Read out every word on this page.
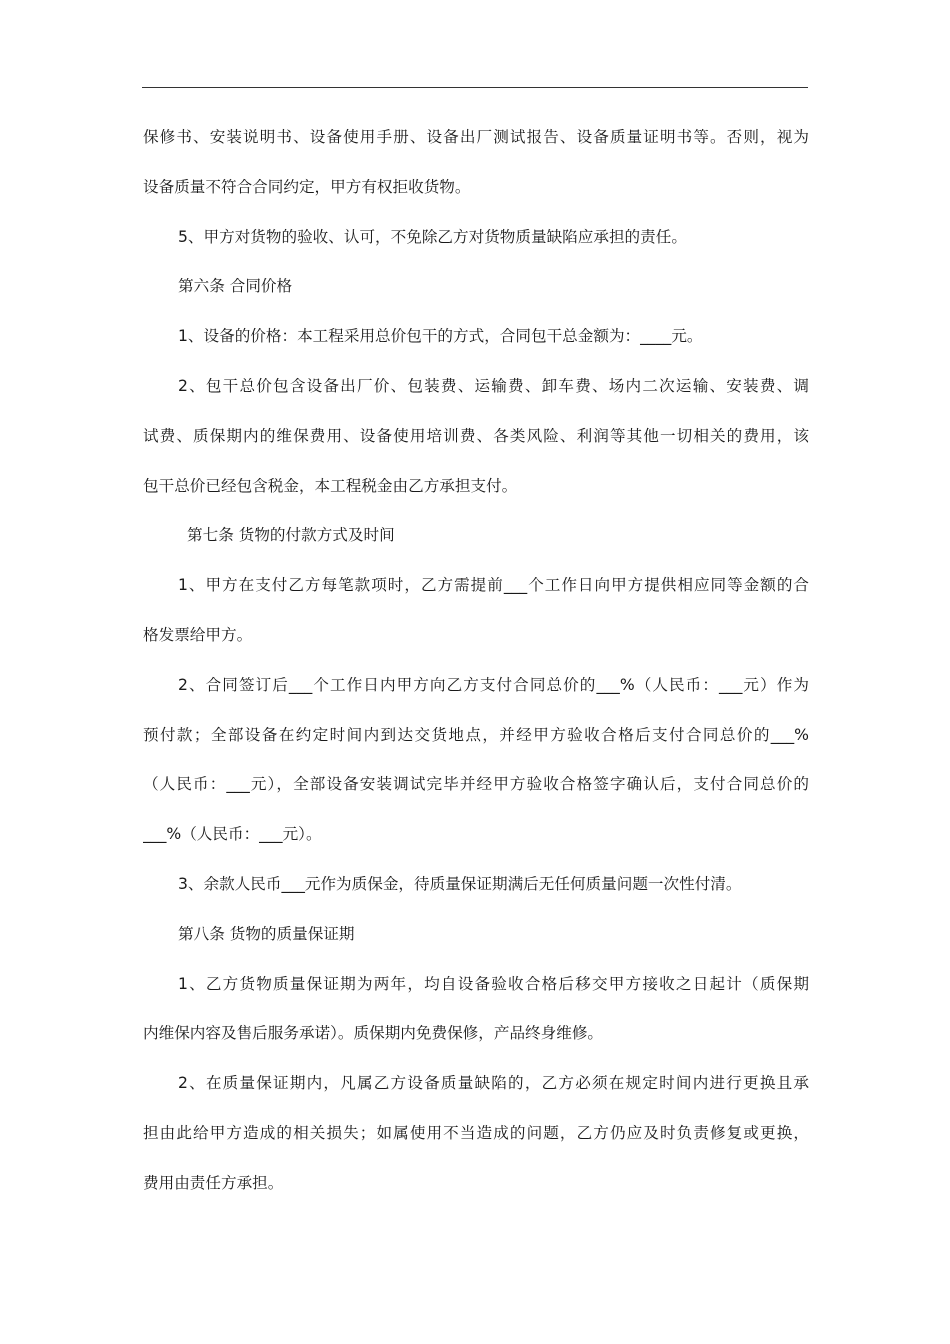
保修书、安装说明书、设备使用手册、设备出厂测试报告、设备质量证明书等。否则，视为
设备质量不符合合同约定，甲方有权拒收货物。
5、甲方对货物的验收、认可，不免除乙方对货物质量缺陷应承担的责任。
第六条 合同价格
1、设备的价格：本工程采用总价包干的方式，合同包干总金额为：____元。
2、包干总价包含设备出厂价、包装费、运输费、卸车费、场内二次运输、安装费、调
试费、质保期内的维保费用、设备使用培训费、各类风险、利润等其他一切相关的费用，该
包干总价已经包含税金，本工程税金由乙方承担支付。
第七条 货物的付款方式及时间
1、甲方在支付乙方每笔款项时，乙方需提前___个工作日向甲方提供相应同等金额的合
格发票给甲方。
2、合同签订后___个工作日内甲方向乙方支付合同总价的___%（人民币：___元）作为
预付款；全部设备在约定时间内到达交货地点，并经甲方验收合格后支付合同总价的___%
（人民币：___元），全部设备安装调试完毕并经甲方验收合格签字确认后，支付合同总价的
___%（人民币：___元）。
3、余款人民币___元作为质保金，待质量保证期满后无任何质量问题一次性付清。
第八条 货物的质量保证期
1、乙方货物质量保证期为两年，均自设备验收合格后移交甲方接收之日起计（质保期
内维保内容及售后服务承诺）。质保期内免费保修，产品终身维修。
2、在质量保证期内，凡属乙方设备质量缺陷的，乙方必须在规定时间内进行更换且承
担由此给甲方造成的相关损失；如属使用不当造成的问题，乙方仍应及时负责修复或更换，
费用由责任方承担。
